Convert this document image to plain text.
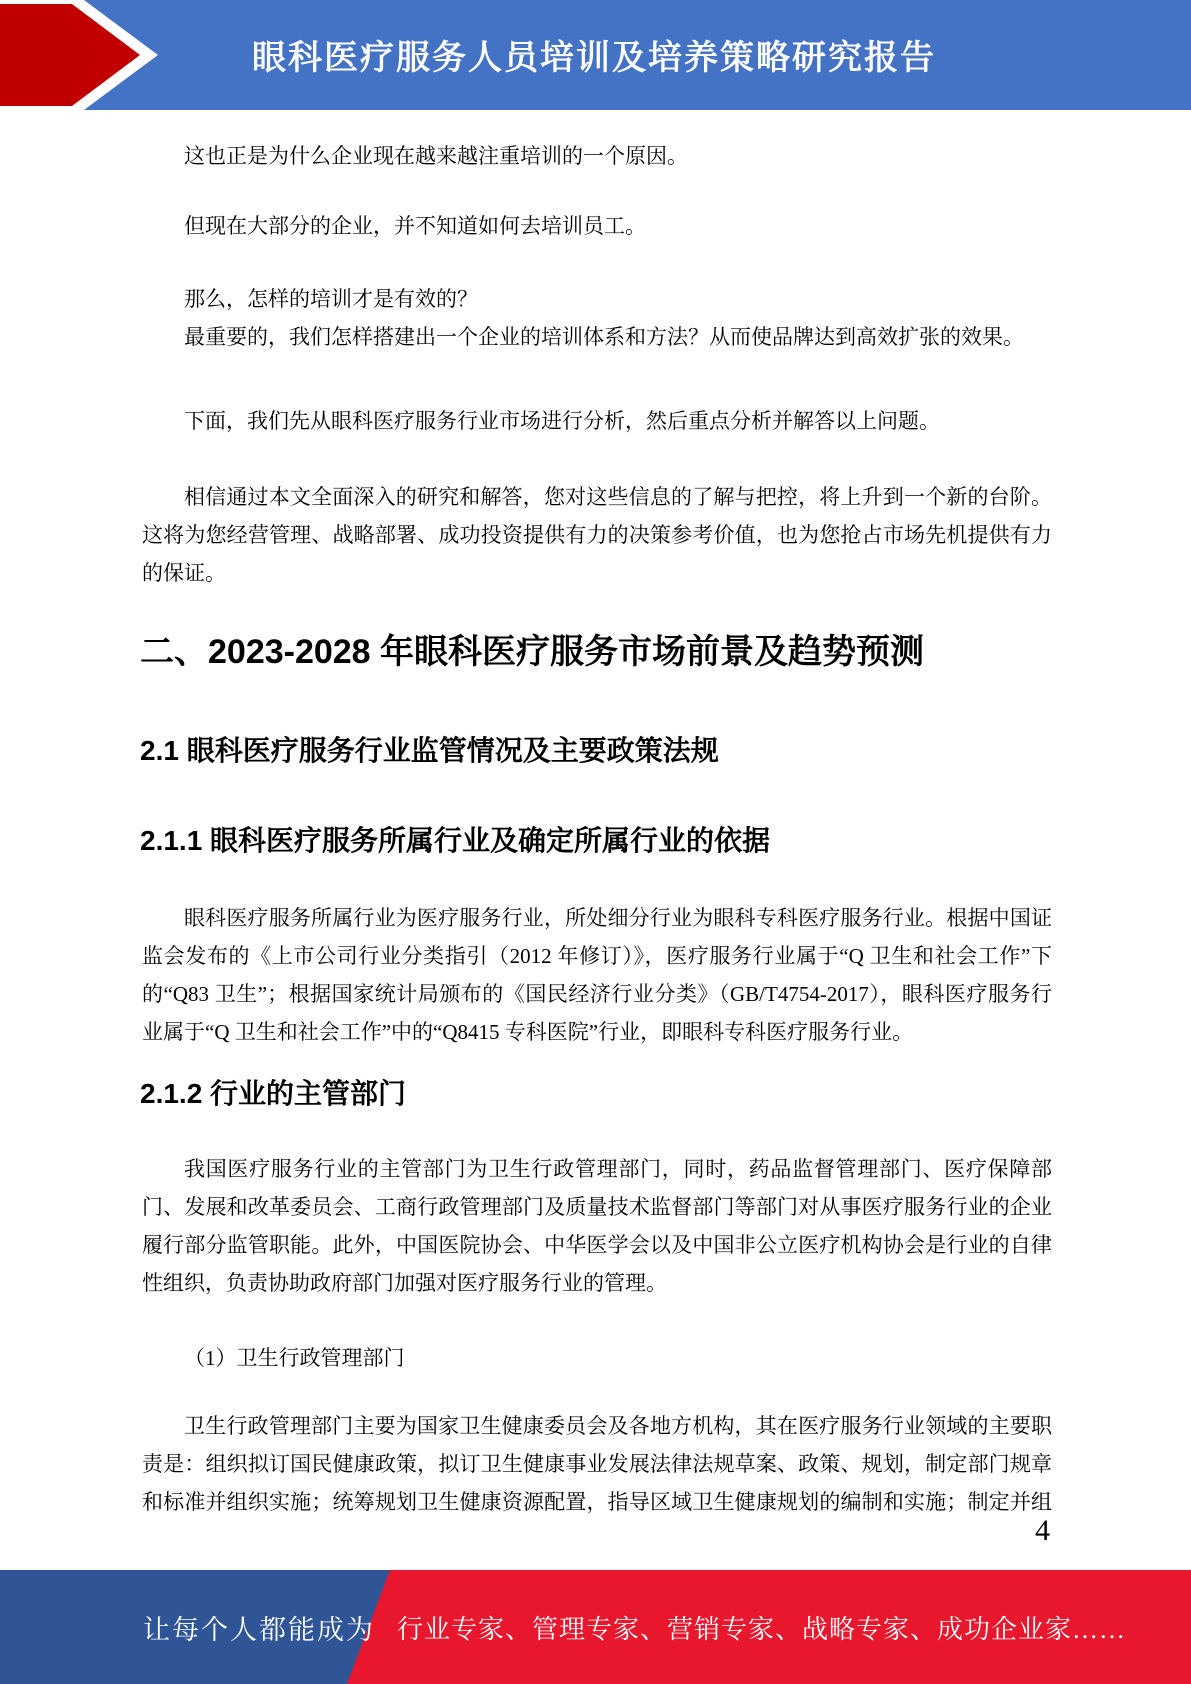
眼科医疗服务人员培训及培养策略研究报告

这也正是为什么企业现在越来越注重培训的一个原因。

但现在大部分的企业，并不知道如何去培训员工。

那么，怎样的培训才是有效的？

最重要的，我们怎样搭建出一个企业的培训体系和方法？从而使品牌达到高效扩张的效果。

下面，我们先从眼科医疗服务行业市场进行分析，然后重点分析并解答以上问题。

相信通过本文全面深入的研究和解答，您对这些信息的了解与把控，将上升到一个新的台阶。这将为您经营管理、战略部署、成功投资提供有力的决策参考价值，也为您抢占市场先机提供有力的保证。

二、2023-2028 年眼科医疗服务市场前景及趋势预测
2.1 眼科医疗服务行业监管情况及主要政策法规
2.1.1 眼科医疗服务所属行业及确定所属行业的依据

眼科医疗服务所属行业为医疗服务行业，所处细分行业为眼科专科医疗服务行业。根据中国证监会发布的《上市公司行业分类指引（2012 年修订）》，医疗服务行业属于“Q 卫生和社会工作”下的“Q83 卫生”；根据国家统计局颁布的《国民经济行业分类》（GB/T4754-2017），眼科医疗服务行业属于“Q 卫生和社会工作”中的“Q8415 专科医院”行业，即眼科专科医疗服务行业。

2.1.2 行业的主管部门

我国医疗服务行业的主管部门为卫生行政管理部门，同时，药品监督管理部门、医疗保障部门、发展和改革委员会、工商行政管理部门及质量技术监督部门等部门对从事医疗服务行业的企业履行部分监管职能。此外，中国医院协会、中华医学会以及中国非公立医疗机构协会是行业的自律性组织，负责协助政府部门加强对医疗服务行业的管理。

（1）卫生行政管理部门

卫生行政管理部门主要为国家卫生健康委员会及各地方机构，其在医疗服务行业领域的主要职责是：组织拟订国民健康政策，拟订卫生健康事业发展法律法规草案、政策、规划，制定部门规章和标准并组织实施；统筹规划卫生健康资源配置，指导区域卫生健康规划的编制和实施；制定并组

4
让每个人都能成为 行业专家、管理专家、营销专家、战略专家、成功企业家……
